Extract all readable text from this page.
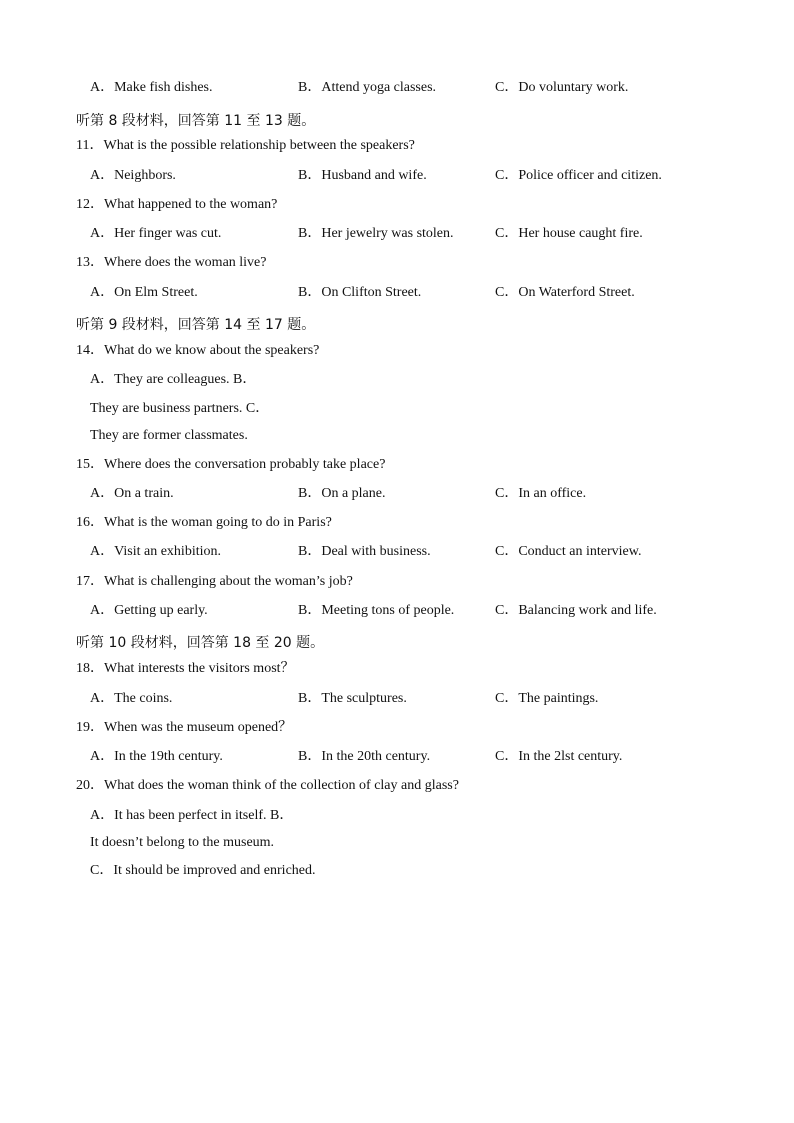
A．Make fish dishes.	B．Attend yoga classes.	C．Do voluntary work.
听第 8 段材料，回答第 11 至 13 题。
11．What is the possible relationship between the speakers?
A．Neighbors.	B．Husband and wife.	C．Police officer and citizen.
12．What happened to the woman?
A．Her finger was cut.	B．Her jewelry was stolen.	C．Her house caught fire.
13．Where does the woman live?
A．On Elm Street.	B．On Clifton Street.	C．On Waterford Street.
听第 9 段材料，回答第 14 至 17 题。
14．What do we know about the speakers?
A．They are colleagues. B．
They are business partners. C．
They are former classmates.
15．Where does the conversation probably take place?
A．On a train.	B．On a plane.	C．In an office.
16．What is the woman going to do in Paris?
A．Visit an exhibition.	B．Deal with business.	C．Conduct an interview.
17．What is challenging about the woman’s job?
A．Getting up early.	B．Meeting tons of people.	C．Balancing work and life.
听第 10 段材料，回答第 18 至 20 题。
18．What interests the visitors most？
A．The coins.	B．The sculptures.	C．The paintings.
19．When was the museum opened？
A．In the 19th century.	B．In the 20th century.	C．In the 2lst century.
20．What does the woman think of the collection of clay and glass?
A．It has been perfect in itself. B．
It doesn’t belong to the museum.
C．It should be improved and enriched.
